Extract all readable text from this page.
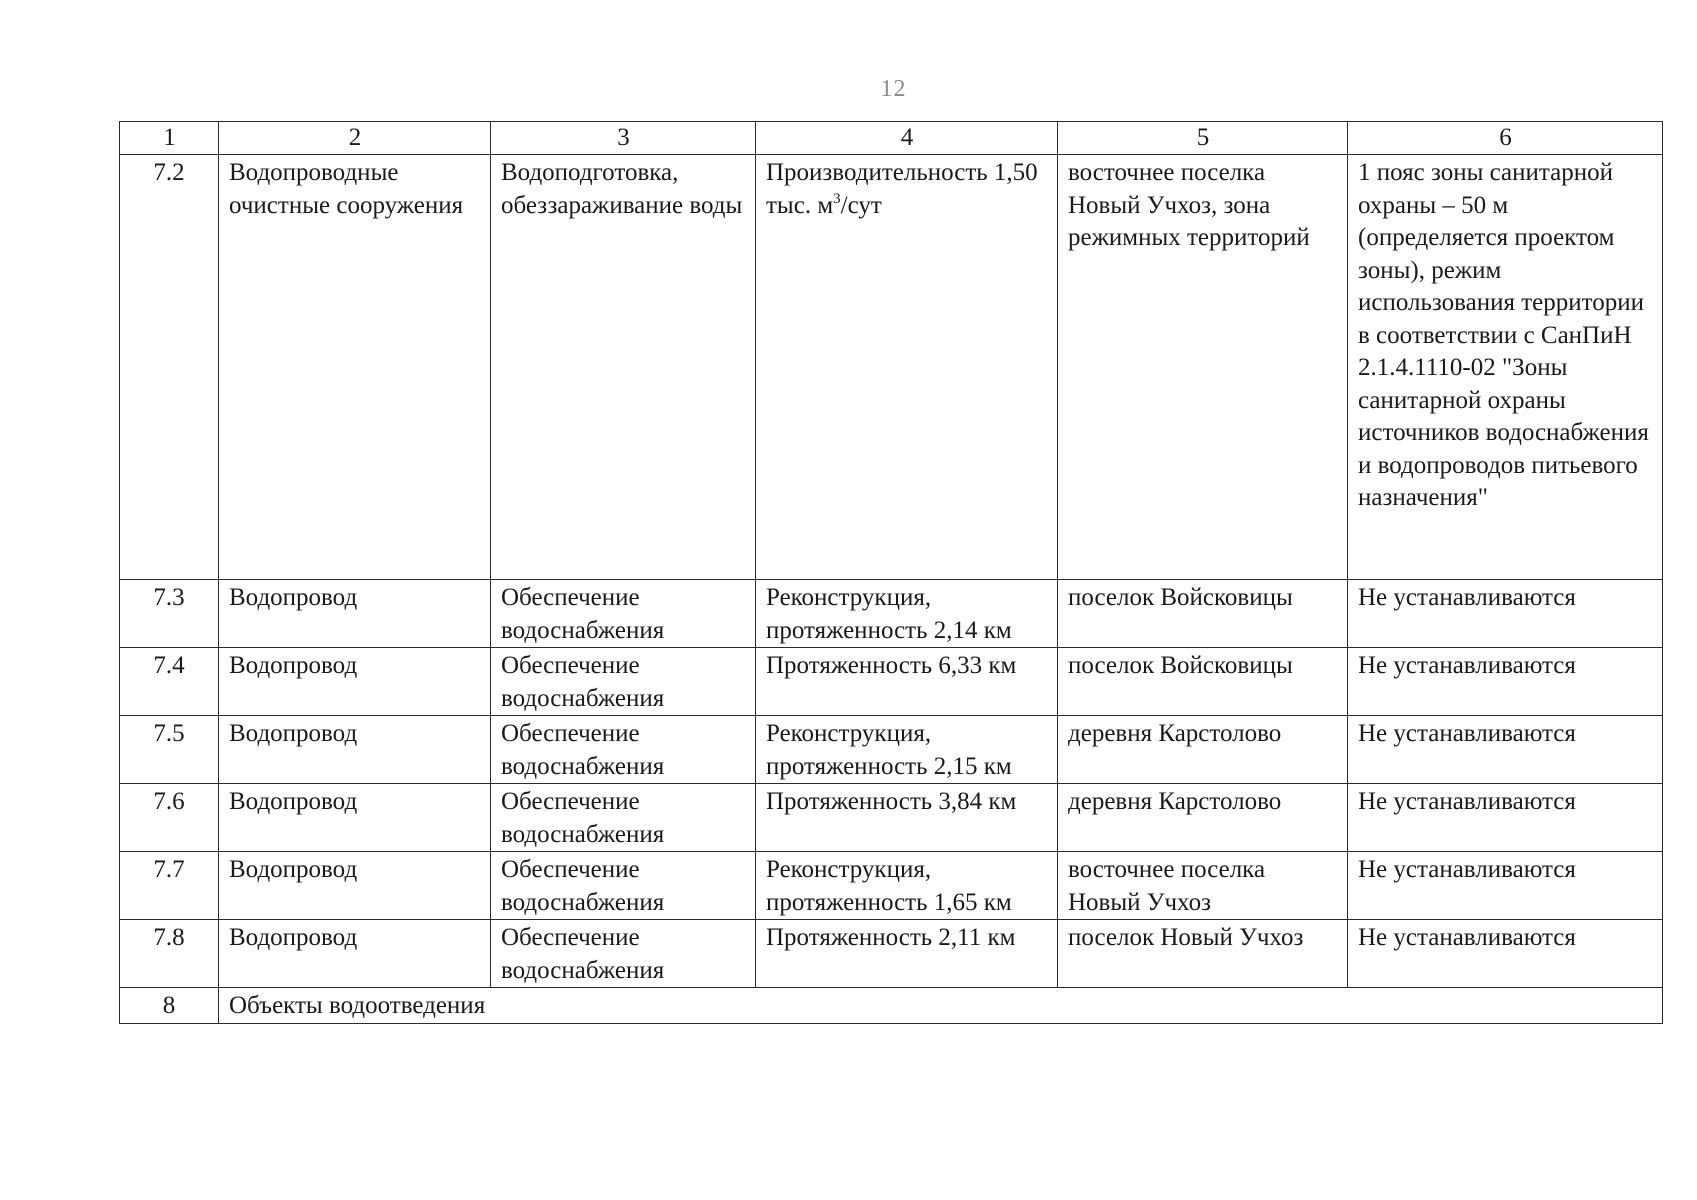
12
1	2	3	4	5	6
7.2	Водопроводные очистные сооружения	Водоподготовка, обеззараживание воды	Производительность 1,50 тыс. $м^3$/сут	восточнее поселка Новый Учхоз, зона режимных территорий	1 пояс зоны санитарной охраны – 50 м (определяется проектом зоны), режим использования территории в соответствии с СанПиН 2.1.4.1110-02 "Зоны санитарной охраны источников водоснабжения и водопроводов питьевого назначения"
7.3	Водопровод	Обеспечение водоснабжения	Реконструкция, протяженность 2,14 км	поселок Войсковицы	Не устанавливаются
7.4	Водопровод	Обеспечение водоснабжения	Протяженность 6,33 км	поселок Войсковицы	Не устанавливаются
7.5	Водопровод	Обеспечение водоснабжения	Реконструкция, протяженность 2,15 км	деревня Карстолово	Не устанавливаются
7.6	Водопровод	Обеспечение водоснабжения	Протяженность 3,84 км	деревня Карстолово	Не устанавливаются
7.7	Водопровод	Обеспечение водоснабжения	Реконструкция, протяженность 1,65 км	восточнее поселка Новый Учхоз	Не устанавливаются
7.8	Водопровод	Обеспечение водоснабжения	Протяженность 2,11 км	поселок Новый Учхоз	Не устанавливаются
8	Объекты водоотведения				
